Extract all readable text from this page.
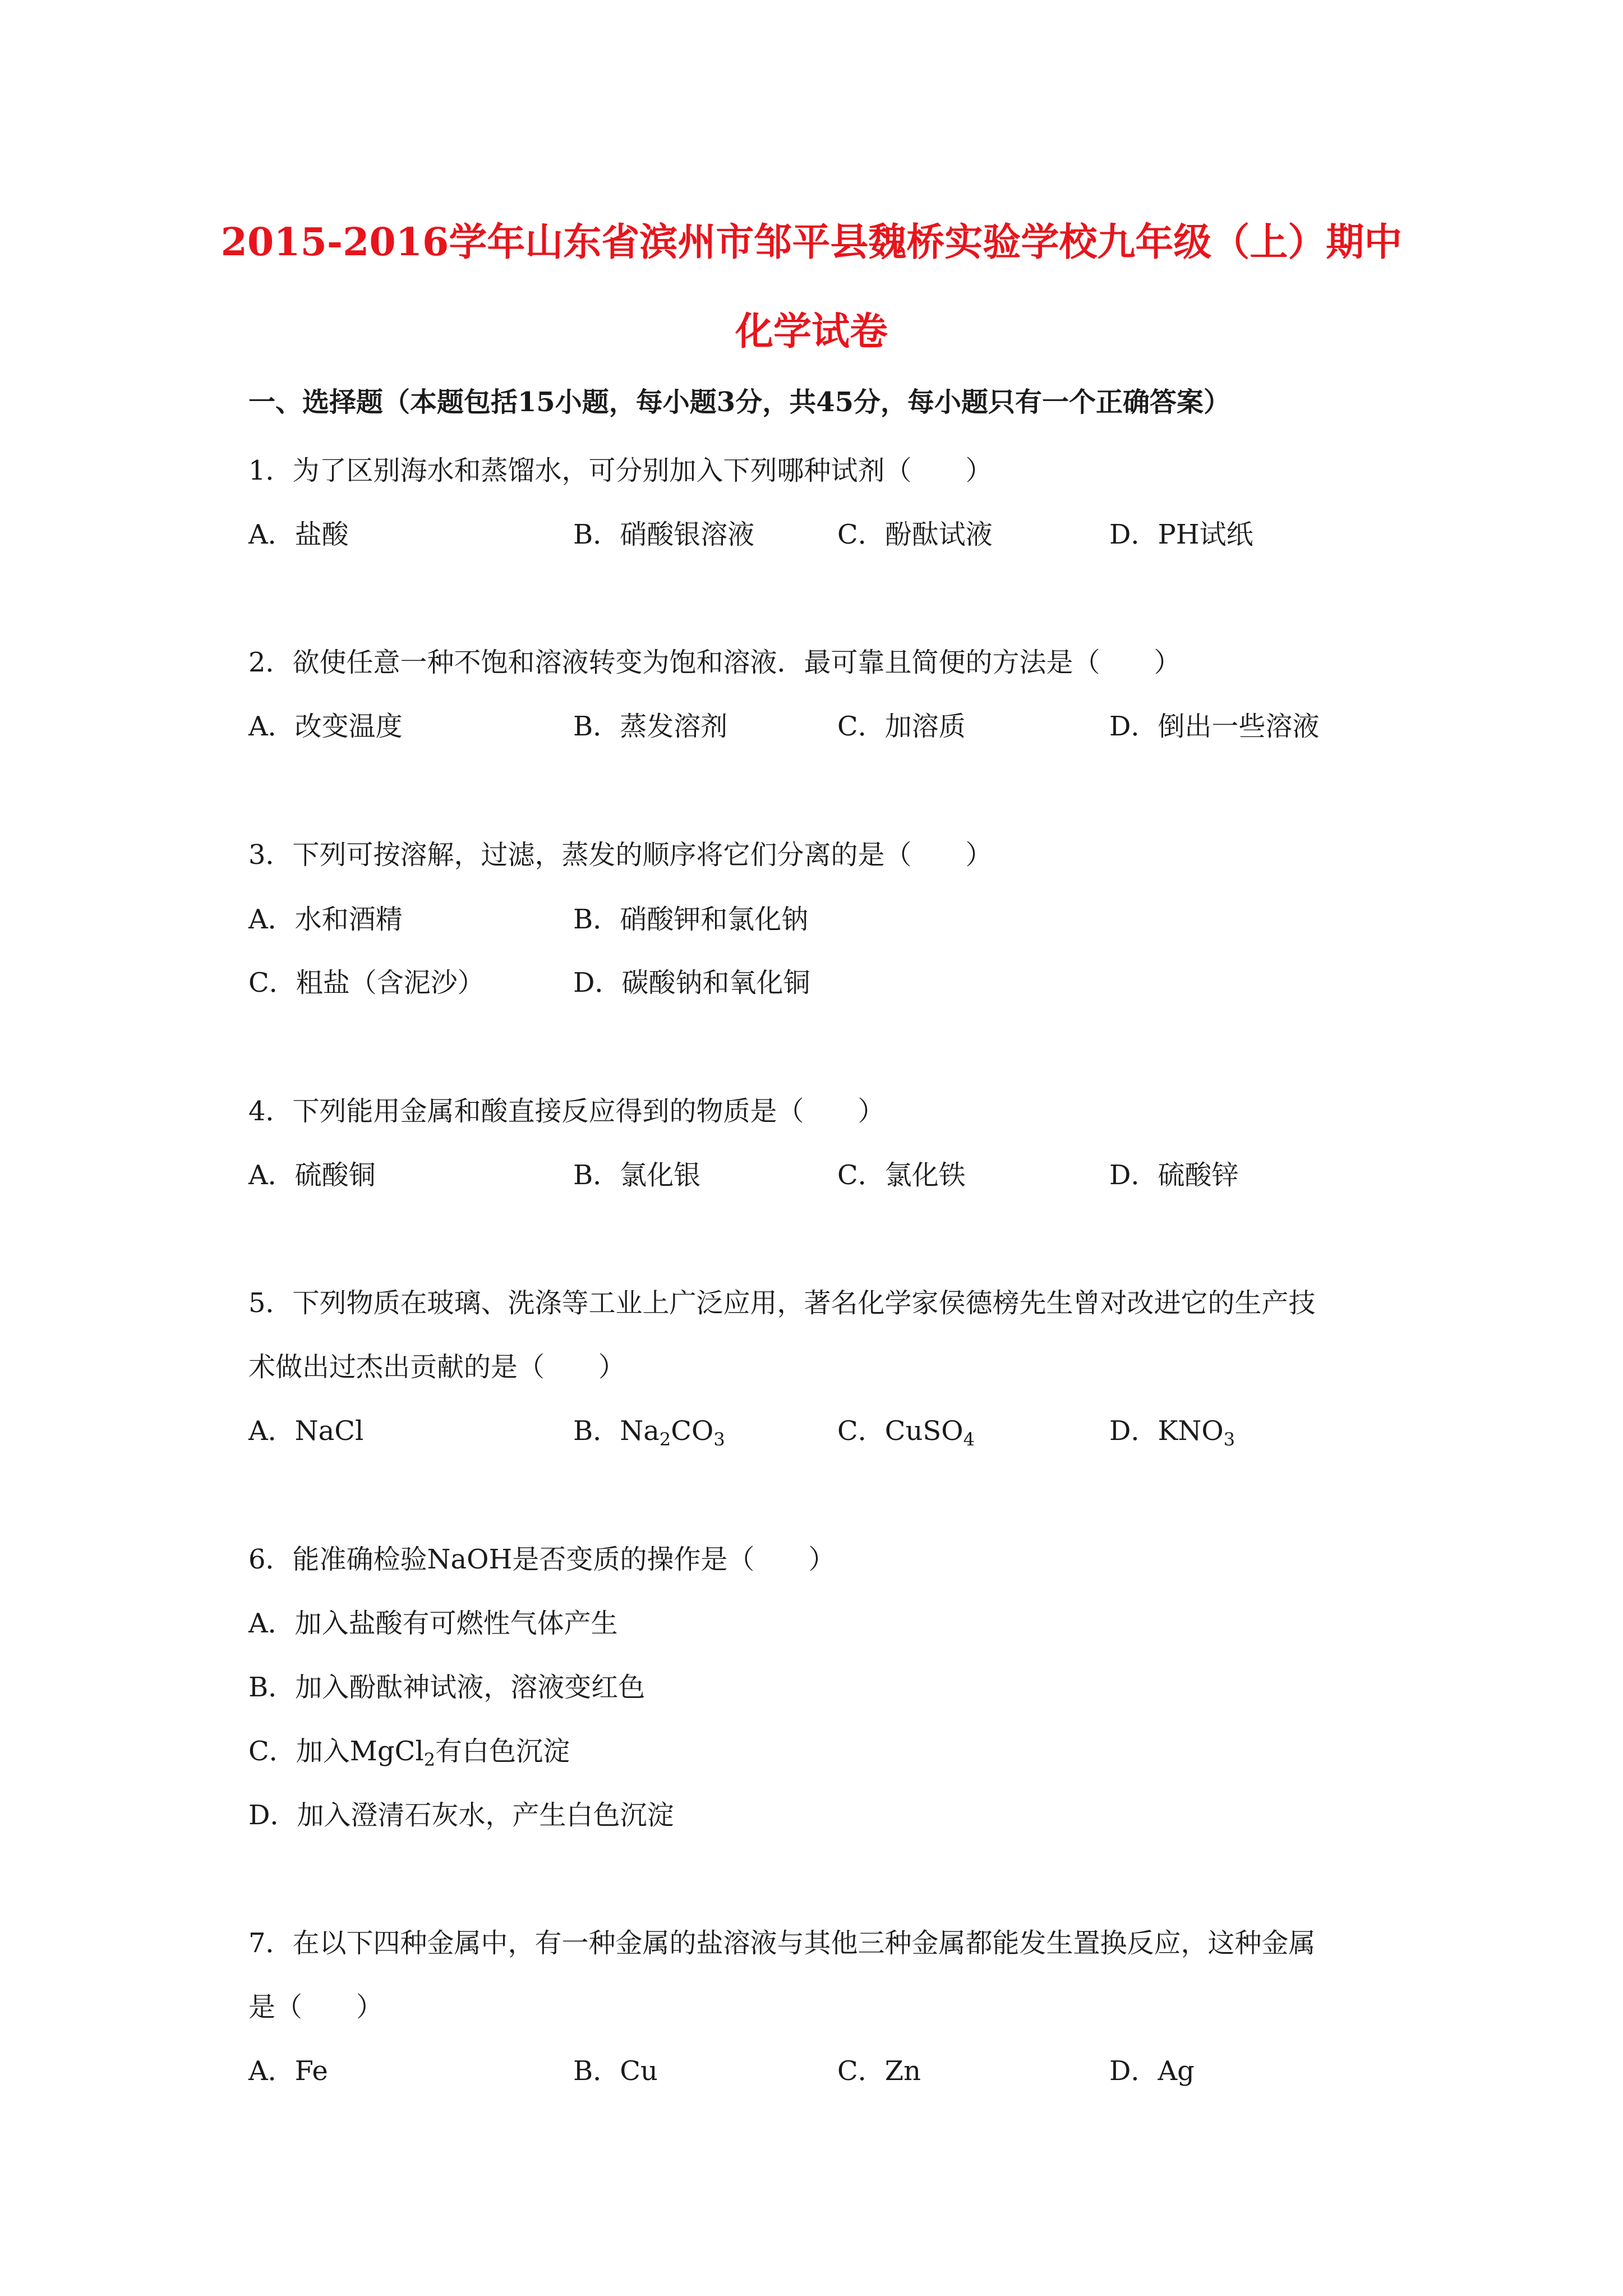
2015-2016学年山东省滨州市邹平县魏桥实验学校九年级（上）期中
化学试卷
一、选择题（本题包括15小题，每小题3分，共45分，每小题只有一个正确答案）
1．为了区别海水和蒸馏水，可分别加入下列哪种试剂（　　）
A．盐酸	B．硝酸银溶液	C．酚酞试液	D．PH试纸
2．欲使任意一种不饱和溶液转变为饱和溶液．最可靠且简便的方法是（　　）
A．改变温度	B．蒸发溶剂	C．加溶质	D．倒出一些溶液
3．下列可按溶解，过滤，蒸发的顺序将它们分离的是（　　）
A．水和酒精	B．硝酸钾和氯化钠
C．粗盐（含泥沙）	D．碳酸钠和氧化铜
4．下列能用金属和酸直接反应得到的物质是（　　）
A．硫酸铜	B．氯化银	C．氯化铁	D．硫酸锌
5．下列物质在玻璃、洗涤等工业上广泛应用，著名化学家侯德榜先生曾对改进它的生产技
术做出过杰出贡献的是（　　）
A．NaCl	B．$Na_2CO_3$	C．CuSO$_4$	D．$KNO_3$
6．能准确检验NaOH是否变质的操作是（　　）
A．加入盐酸有可燃性气体产生
B．加入酚酞神试液，溶液变红色
C．加入MgCl$_2$有白色沉淀
D．加入澄清石灰水，产生白色沉淀
7．在以下四种金属中，有一种金属的盐溶液与其他三种金属都能发生置换反应，这种金属
是（　　）
A．Fe	B．Cu	C．Zn	D．Ag
